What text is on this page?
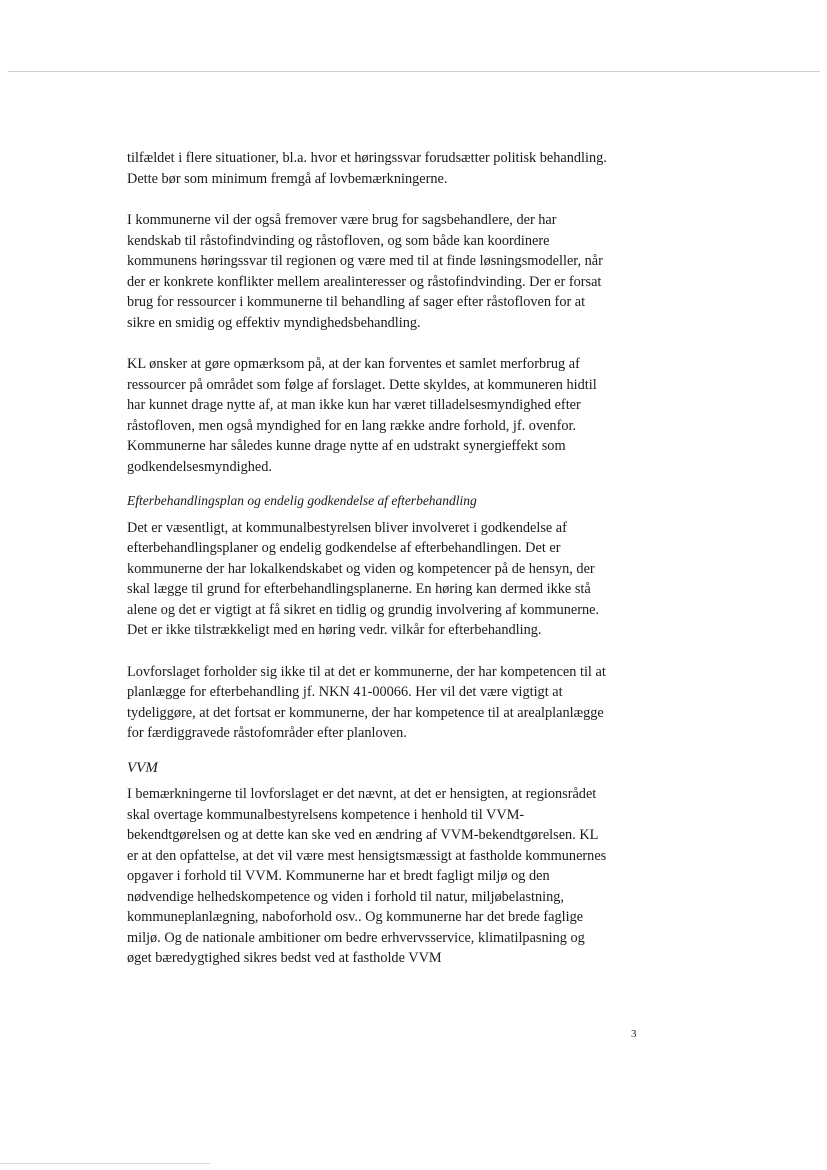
tilfældet i flere situationer, bl.a. hvor et høringssvar forudsætter politisk behandling. Dette bør som minimum fremgå af lovbemærkningerne.

I kommunerne vil der også fremover være brug for sagsbehandlere, der har kendskab til råstofindvinding og råstofloven, og som både kan koordinere kommunens høringssvar til regionen og være med til at finde løsningsmodeller, når der er konkrete konflikter mellem arealinteresser og råstofindvinding. Der er forsat brug for ressourcer i kommunerne til behandling af sager efter råstofloven for at sikre en smidig og effektiv myndighedsbehandling.

KL ønsker at gøre opmærksom på, at der kan forventes et samlet merforbrug af ressourcer på området som følge af forslaget. Dette skyldes, at kommuneren hidtil har kunnet drage nytte af, at man ikke kun har været tilladelsesmyndighed efter råstofloven, men også myndighed for en lang række andre forhold, jf. ovenfor. Kommunerne har således kunne drage nytte af en udstrakt synergieffekt som godkendelsesmyndighed.

Efterbehandlingsplan og endelig godkendelse af efterbehandling

Det er væsentligt, at kommunalbestyrelsen bliver involveret i godkendelse af efterbehandlingsplaner og endelig godkendelse af efterbehandlingen. Det er kommunerne der har lokalkendskabet og viden og kompetencer på de hensyn, der skal lægge til grund for efterbehandlingsplanerne. En høring kan dermed ikke stå alene og det er vigtigt at få sikret en tidlig og grundig involvering af kommunerne. Det er ikke tilstrækkeligt med en høring vedr. vilkår for efterbehandling.

Lovforslaget forholder sig ikke til at det er kommunerne, der har kompetencen til at planlægge for efterbehandling jf. NKN 41-00066. Her vil det være vigtigt at tydeliggøre, at det fortsat er kommunerne, der har kompetence til at arealplanlægge for færdiggravede råstofområder efter planloven.

VVM

I bemærkningerne til lovforslaget er det nævnt, at det er hensigten, at regionsrådet skal overtage kommunalbestyrelsens kompetence i henhold til VVM-bekendtgørelsen og at dette kan ske ved en ændring af VVM-bekendtgørelsen. KL er at den opfattelse, at det vil være mest hensigtsmæssigt at fastholde kommunernes opgaver i forhold til VVM. Kommunerne har et bredt fagligt miljø og den nødvendige helhedskompetence og viden i forhold til natur, miljøbelastning, kommuneplanlægning, naboforhold osv.. Og kommunerne har det brede faglige miljø. Og de nationale ambitioner om bedre erhvervsservice, klimatilpasning og øget bæredygtighed sikres bedst ved at fastholde VVM

3
